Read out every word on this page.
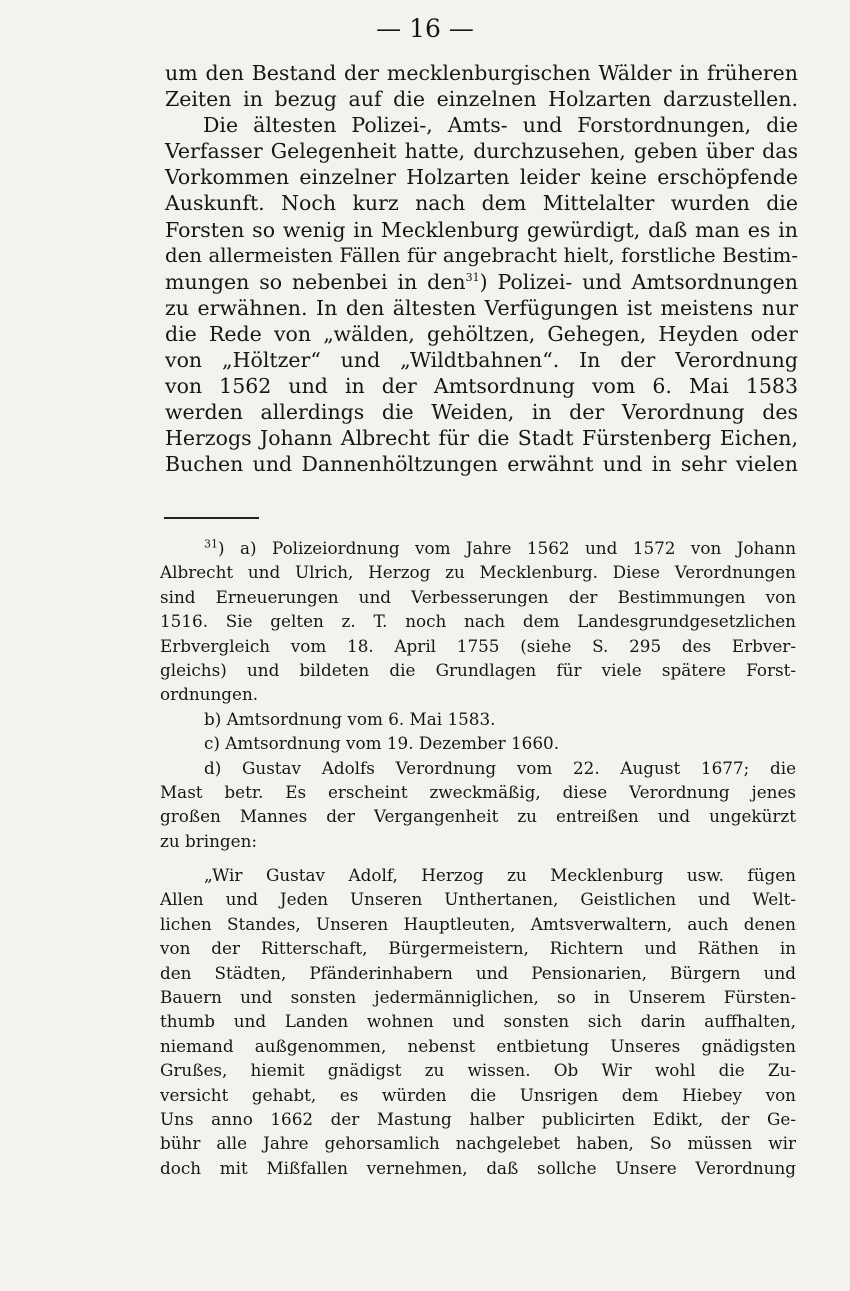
— 16 —
um den Bestand der mecklenburgischen Wälder in früheren
Zeiten in bezug auf die einzelnen Holzarten darzustellen.
Die ältesten Polizei-, Amts- und Forstordnungen, die
Verfasser Gelegenheit hatte, durchzusehen, geben über das
Vorkommen einzelner Holzarten leider keine erschöpfende
Auskunft. Noch kurz nach dem Mittelalter wurden die
Forsten so wenig in Mecklenburg gewürdigt, daß man es in
den allermeisten Fällen für angebracht hielt, forstliche Bestim-
mungen so nebenbei in den$^{31}$) Polizei- und Amtsordnungen
zu erwähnen. In den ältesten Verfügungen ist meistens nur
die Rede von „wälden, gehöltzen, Gehegen, Heyden oder
von „Höltzer“ und „Wildtbahnen“. In der Verordnung
von 1562 und in der Amtsordnung vom 6. Mai 1583
werden allerdings die Weiden, in der Verordnung des
Herzogs Johann Albrecht für die Stadt Fürstenberg Eichen,
Buchen und Dannenhöltzungen erwähnt und in sehr vielen
$^{31}$) a) Polizeiordnung vom Jahre 1562 und 1572 von Johann
Albrecht und Ulrich, Herzog zu Mecklenburg. Diese Verordnungen
sind Erneuerungen und Verbesserungen der Bestimmungen von
1516. Sie gelten z. T. noch nach dem Landesgrundgesetzlichen
Erbvergleich vom 18. April 1755 (siehe S. 295 des Erbver-
gleichs) und bildeten die Grundlagen für viele spätere Forst-
ordnungen.
b) Amtsordnung vom 6. Mai 1583.
c) Amtsordnung vom 19. Dezember 1660.
d) Gustav Adolfs Verordnung vom 22. August 1677; die
Mast betr. Es erscheint zweckmäßig, diese Verordnung jenes
großen Mannes der Vergangenheit zu entreißen und ungekürzt
zu bringen:
„Wir Gustav Adolf, Herzog zu Mecklenburg usw. fügen
Allen und Jeden Unseren Unthertanen, Geistlichen und Welt-
lichen Standes, Unseren Hauptleuten, Amtsverwaltern, auch denen
von der Ritterschaft, Bürgermeistern, Richtern und Räthen in
den Städten, Pfänderinhabern und Pensionarien, Bürgern und
Bauern und sonsten jedermänniglichen, so in Unserem Fürsten-
thumb und Landen wohnen und sonsten sich darin auffhalten,
niemand außgenommen, nebenst entbietung Unseres gnädigsten
Grußes, hiemit gnädigst zu wissen. Ob Wir wohl die Zu-
versicht gehabt, es würden die Unsrigen dem Hiebey von
Uns anno 1662 der Mastung halber publicirten Edikt, der Ge-
bühr alle Jahre gehorsamlich nachgelebet haben, So müssen wir
doch mit Mißfallen vernehmen, daß sollche Unsere Verordnung
